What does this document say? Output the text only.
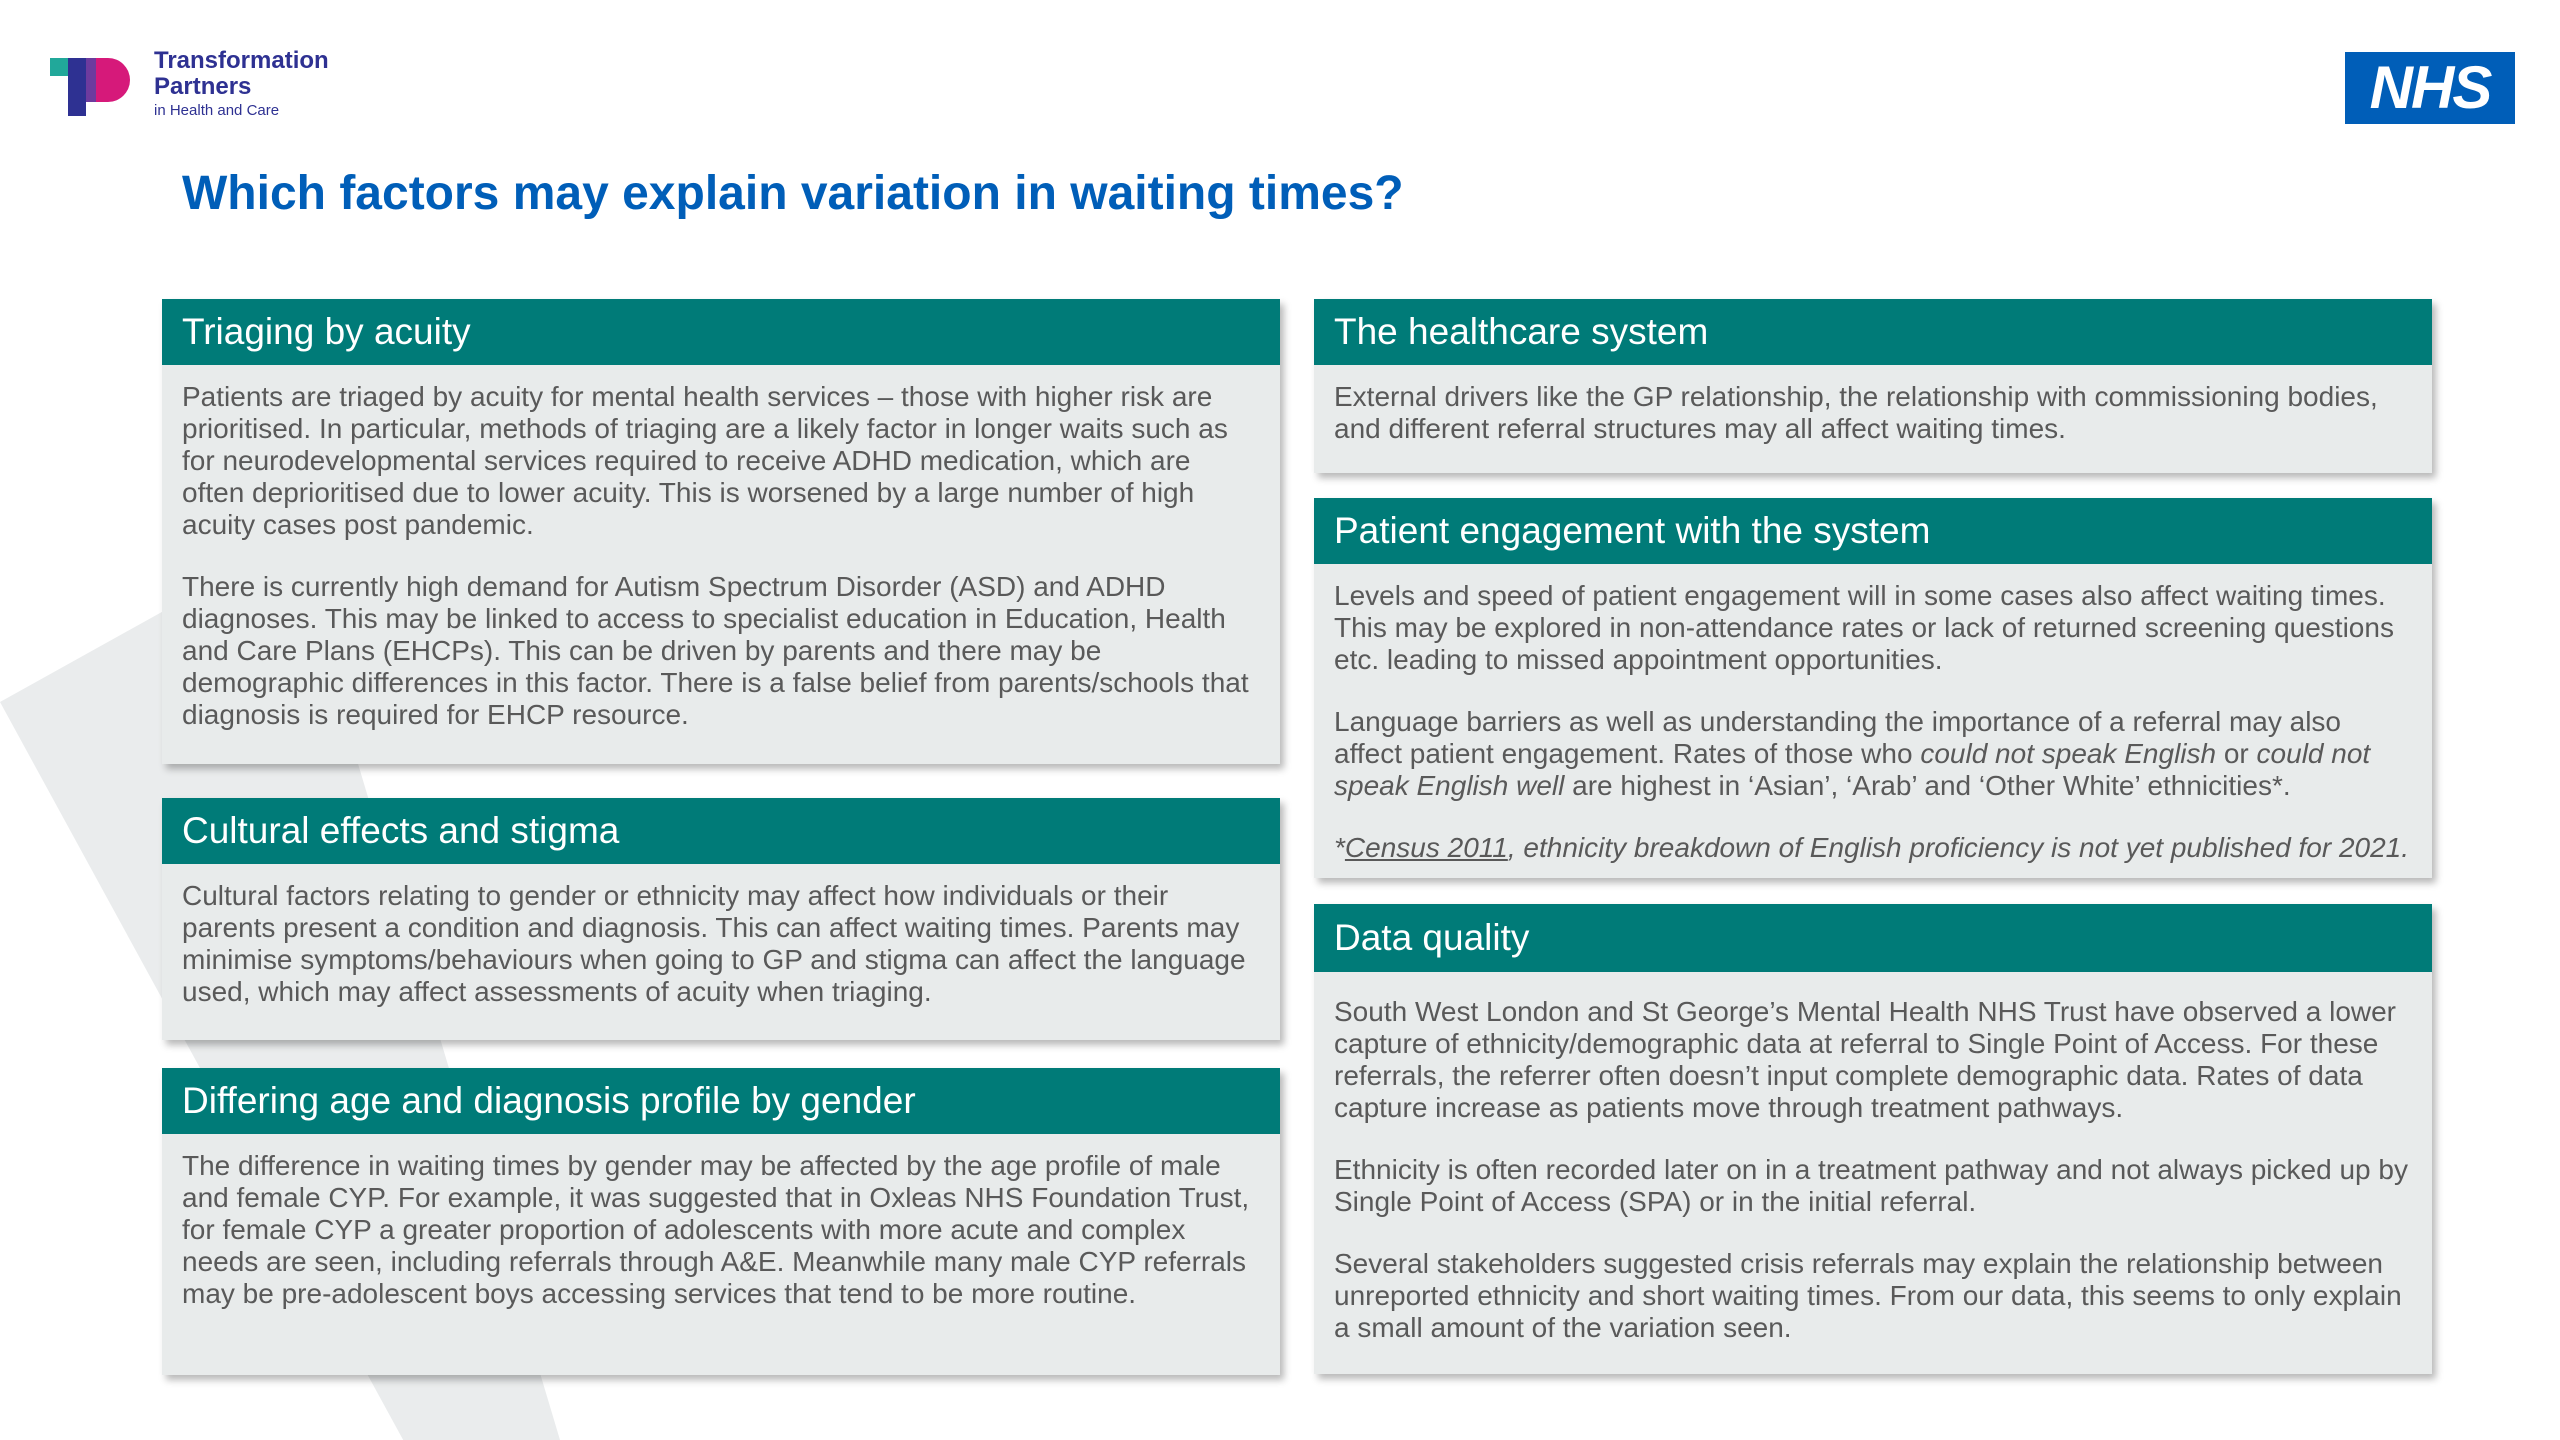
Transformation
Partners
in Health and Care	NHS
Which factors may explain variation in waiting times?
Triaging by acuity

Patients are triaged by acuity for mental health services – those with higher risk are prioritised. In particular, methods of triaging are a likely factor in longer waits such as for neurodevelopmental services required to receive ADHD medication, which are often deprioritised due to lower acuity. This is worsened by a large number of high acuity cases post pandemic.

There is currently high demand for Autism Spectrum Disorder (ASD) and ADHD diagnoses. This may be linked to access to specialist education in Education, Health and Care Plans (EHCPs). This can be driven by parents and there may be demographic differences in this factor. There is a false belief from parents/schools that diagnosis is required for EHCP resource.

Cultural effects and stigma

Cultural factors relating to gender or ethnicity may affect how individuals or their parents present a condition and diagnosis. This can affect waiting times. Parents may minimise symptoms/behaviours when going to GP and stigma can affect the language used, which may affect assessments of acuity when triaging.

Differing age and diagnosis profile by gender

The difference in waiting times by gender may be affected by the age profile of male and female CYP. For example, it was suggested that in Oxleas NHS Foundation Trust, for female CYP a greater proportion of adolescents with more acute and complex needs are seen, including referrals through A&E. Meanwhile many male CYP referrals may be pre-adolescent boys accessing services that tend to be more routine.

The healthcare system

External drivers like the GP relationship, the relationship with commissioning bodies, and different referral structures may all affect waiting times.

Patient engagement with the system

Levels and speed of patient engagement will in some cases also affect waiting times. This may be explored in non-attendance rates or lack of returned screening questions etc. leading to missed appointment opportunities.

Language barriers as well as understanding the importance of a referral may also affect patient engagement. Rates of those who could not speak English or could not speak English well are highest in ‘Asian’, ‘Arab’ and ‘Other White’ ethnicities*.

*Census 2011, ethnicity breakdown of English proficiency is not yet published for 2021.

Data quality

South West London and St George’s Mental Health NHS Trust have observed a lower capture of ethnicity/demographic data at referral to Single Point of Access. For these referrals, the referrer often doesn’t input complete demographic data. Rates of data capture increase as patients move through treatment pathways.

Ethnicity is often recorded later on in a treatment pathway and not always picked up by Single Point of Access (SPA) or in the initial referral.

Several stakeholders suggested crisis referrals may explain the relationship between unreported ethnicity and short waiting times. From our data, this seems to only explain a small amount of the variation seen.
